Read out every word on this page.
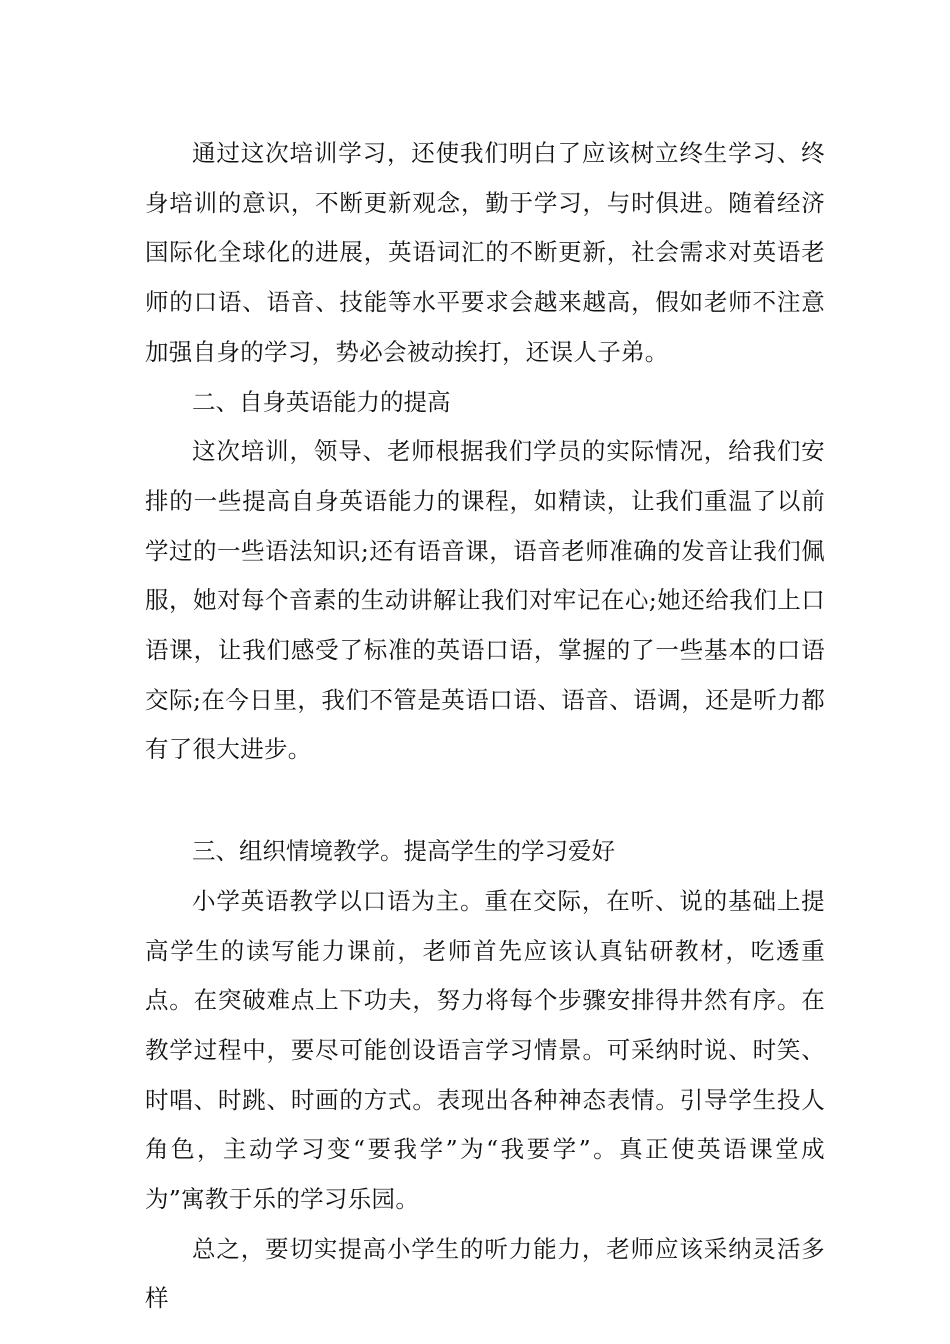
通过这次培训学习，还使我们明白了应该树立终生学习、终身培训的意识，不断更新观念，勤于学习，与时俱进。随着经济国际化全球化的进展，英语词汇的不断更新，社会需求对英语老师的口语、语音、技能等水平要求会越来越高，假如老师不注意加强自身的学习，势必会被动挨打，还误人子弟。

二、自身英语能力的提高

这次培训，领导、老师根据我们学员的实际情况，给我们安排的一些提高自身英语能力的课程，如精读，让我们重温了以前学过的一些语法知识;还有语音课，语音老师准确的发音让我们佩服，她对每个音素的生动讲解让我们对牢记在心;她还给我们上口语课，让我们感受了标准的英语口语，掌握的了一些基本的口语交际;在今日里，我们不管是英语口语、语音、语调，还是听力都有了很大进步。

三、组织情境教学。提高学生的学习爱好

小学英语教学以口语为主。重在交际，在听、说的基础上提高学生的读写能力课前，老师首先应该认真钻研教材，吃透重点。在突破难点上下功夫，努力将每个步骤安排得井然有序。在教学过程中，要尽可能创设语言学习情景。可采纳时说、时笑、时唱、时跳、时画的方式。表现出各种神态表情。引导学生投人角色，主动学习变“要我学”为“我要学”。真正使英语课堂成为”寓教于乐的学习乐园。

总之，要切实提高小学生的听力能力，老师应该采纳灵活多样
